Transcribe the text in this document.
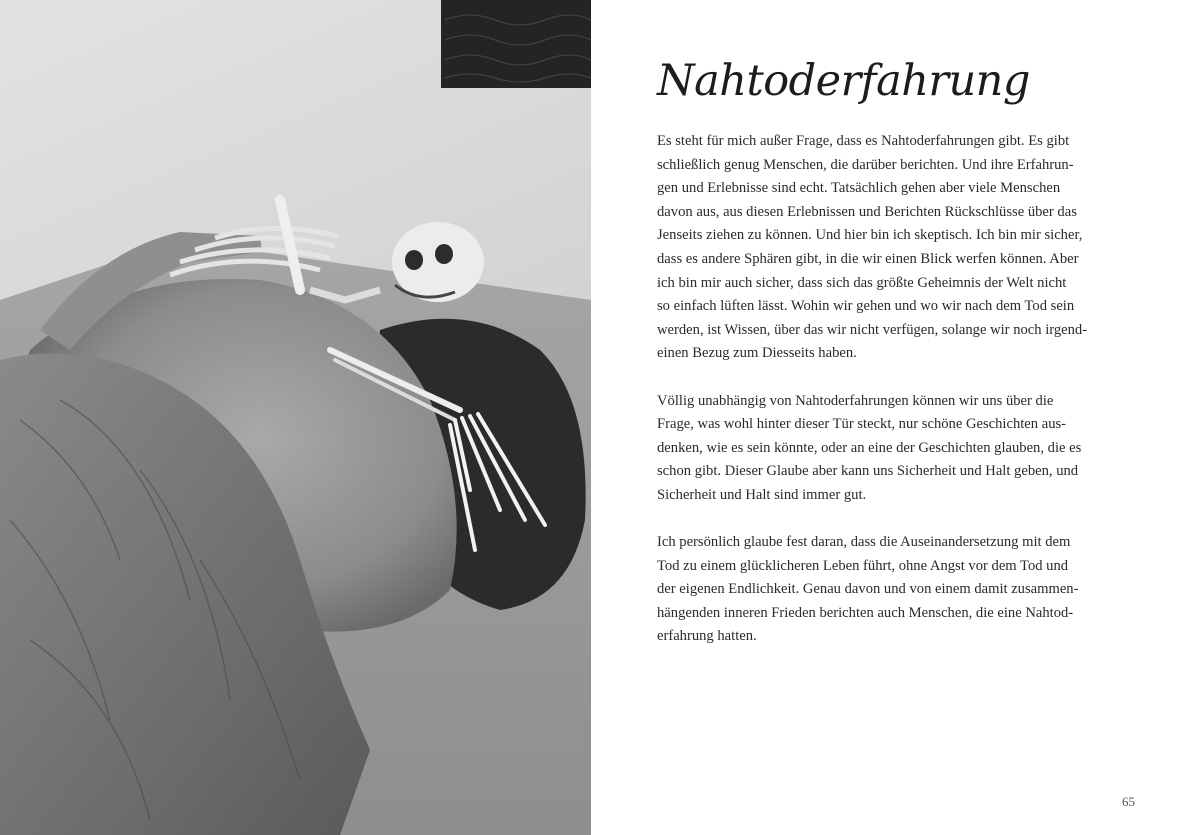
Nahtoderfahrung

Es steht für mich außer Frage, dass es Nahtoderfahrungen gibt. Es gibt
schließlich genug Menschen, die darüber berichten. Und ihre Erfahrun-
gen und Erlebnisse sind echt. Tatsächlich gehen aber viele Menschen
davon aus, aus diesen Erlebnissen und Berichten Rückschlüsse über das
Jenseits ziehen zu können. Und hier bin ich skeptisch. Ich bin mir sicher,
dass es andere Sphären gibt, in die wir einen Blick werfen können. Aber
ich bin mir auch sicher, dass sich das größte Geheimnis der Welt nicht
so einfach lüften lässt. Wohin wir gehen und wo wir nach dem Tod sein
werden, ist Wissen, über das wir nicht verfügen, solange wir noch irgend-
einen Bezug zum Diesseits haben.

Völlig unabhängig von Nahtoderfahrungen können wir uns über die
Frage, was wohl hinter dieser Tür steckt, nur schöne Geschichten aus-
denken, wie es sein könnte, oder an eine der Geschichten glauben, die es
schon gibt. Dieser Glaube aber kann uns Sicherheit und Halt geben, und
Sicherheit und Halt sind immer gut.

Ich persönlich glaube fest daran, dass die Auseinandersetzung mit dem
Tod zu einem glücklicheren Leben führt, ohne Angst vor dem Tod und
der eigenen Endlichkeit. Genau davon und von einem damit zusammen-
hängenden inneren Frieden berichten auch Menschen, die eine Nahtod-
erfahrung hatten.

65
